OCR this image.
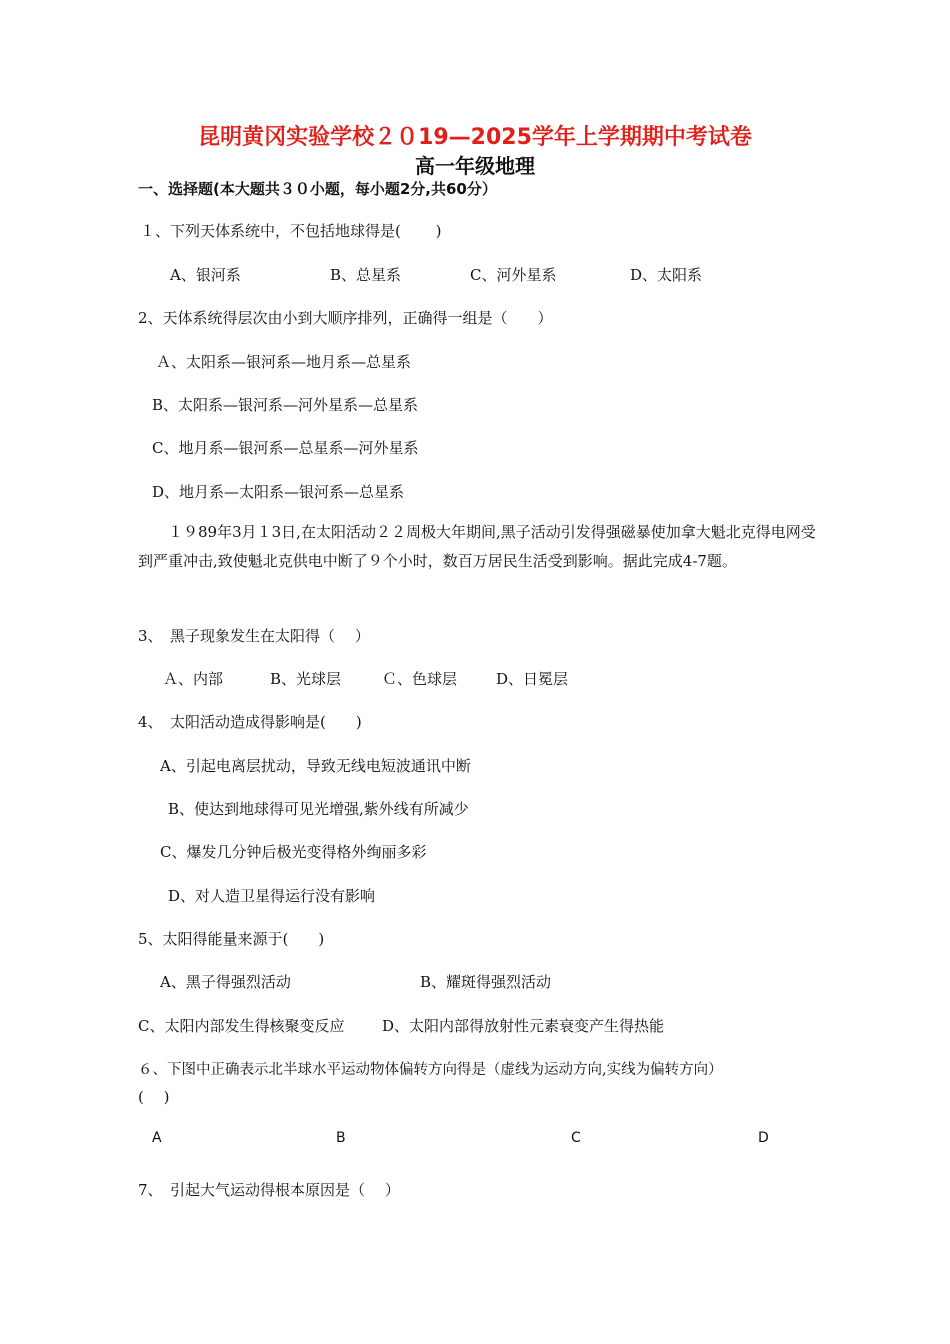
昆明黄冈实验学校２０19—2025学年上学期期中考试卷
高一年级地理
一、选择题(本大题共３０小题，每小题2分,共60分）
１、下列天体系统中，不包括地球得是(　　 )
A、银河系	B、总星系	C、河外星系	D、太阳系
2、天体系统得层次由小到大顺序排列，正确得一组是（　　）
Ａ、太阳系—银河系—地月系—总星系
B、太阳系—银河系—河外星系—总星系
C、地月系—银河系—总星系—河外星系
D、地月系—太阳系—银河系—总星系
１９89年3月１3日,在太阳活动２２周极大年期间,黑子活动引发得强磁暴使加拿大魁北克得电网受到严重冲击,致使魁北克供电中断了９个小时，数百万居民生活受到影响。据此完成4-7题。
3、　黑子现象发生在太阳得（　 ）
Ａ、内部	B、光球层	Ｃ、色球层	D、日冕层
4、　太阳活动造成得影响是(　　)
A、引起电离层扰动，导致无线电短波通讯中断
B、使达到地球得可见光增强,紫外线有所减少
C、爆发几分钟后极光变得格外绚丽多彩
D、对人造卫星得运行没有影响
5、太阳得能量来源于(　　)
A、黑子得强烈活动	B、耀斑得强烈活动
C、太阳内部发生得核聚变反应	D、太阳内部得放射性元素衰变产生得热能
６、下图中正确表示北半球水平运动物体偏转方向得是（虚线为运动方向,实线为偏转方向）
(　 )
A	B	C	D
7、　引起大气运动得根本原因是（　 ）
